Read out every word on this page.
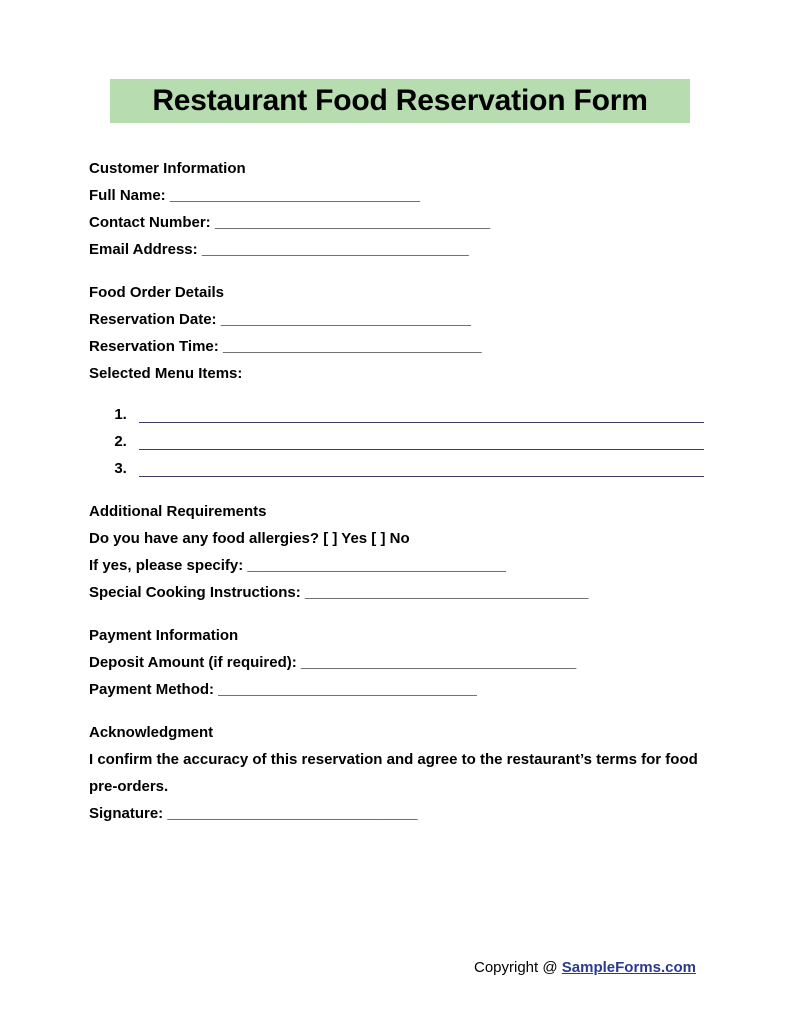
Restaurant Food Reservation Form
Customer Information
Full Name: ______________________________
Contact Number: _________________________________
Email Address: ________________________________
Food Order Details
Reservation Date: ______________________________
Reservation Time: _______________________________
Selected Menu Items:
1.
2.
3.
Additional Requirements
Do you have any food allergies? [ ] Yes [ ] No
If yes, please specify: _______________________________
Special Cooking Instructions: __________________________________
Payment Information
Deposit Amount (if required): _________________________________
Payment Method: _______________________________
Acknowledgment
I confirm the accuracy of this reservation and agree to the restaurant’s terms for food pre-orders.
Signature: ______________________________
Copyright @ SampleForms.com
